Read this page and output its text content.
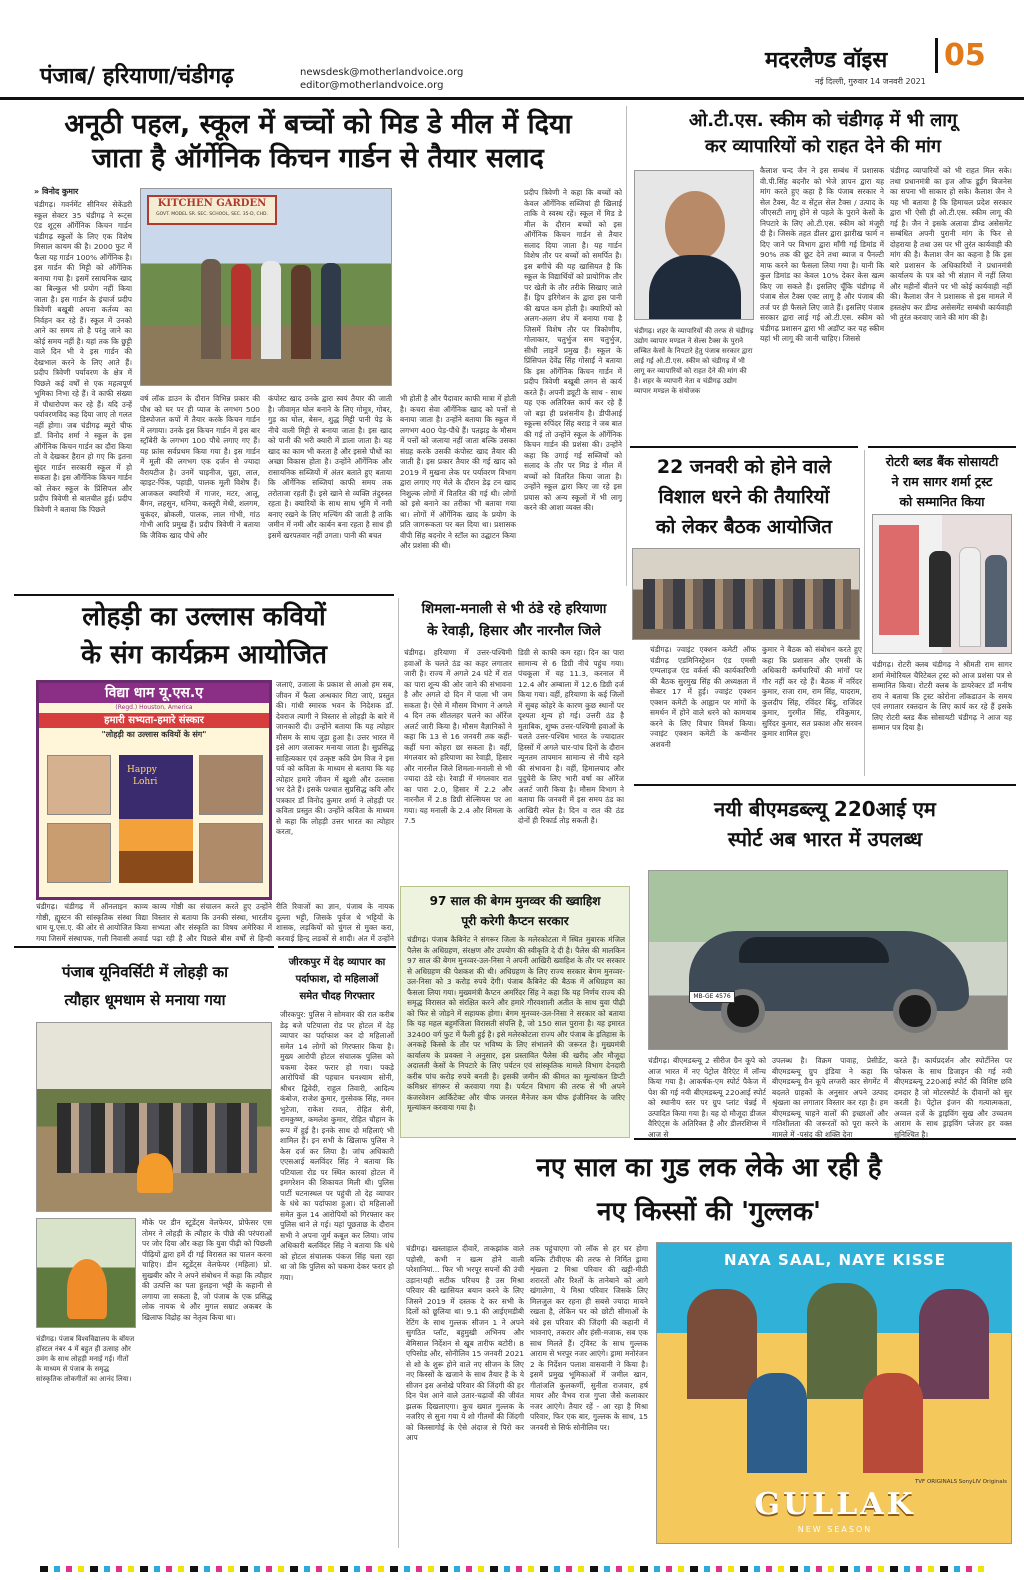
पंजाब/ हरियाणा/चंडीगढ़	newsdesk@motherlandvoice.org
editor@motherlandvoice.org
मदरलैण्ड वॉइस	05
नई दिल्ली, गुरुवार 14 जनवरी 2021
अनूठी पहल, स्कूल में बच्चों को मिड डे मील में दिया
जाता है ऑर्गेनिक किचन गार्डन से तैयार सलाद
» विनोद कुमार
चंडीगढ़। गवर्नमेंट सीनियर सेकेंडरी स्कूल सेक्टर 35 चंडीगढ़ ने रूट्स एंड शूट्स ऑर्गेनिक किचन गार्डन चंडीगढ़ स्कूलों के लिए एक विशेष मिसाल कायम की है। 2000 फुट में फैला यह गार्डन 100% ऑर्गेनिक है। इस गार्डन की मिट्टी को ऑर्गेनिक बनाया गया है। इसमें रसायनिक खाद का बिल्कुल भी प्रयोग नहीं किया जाता है। इस गार्डन के इंचार्ज प्रदीप त्रिवेणी बखूबी अपना कर्तव्य का निर्वहन कर रहे हैं। स्कूल में उनको आने का समय तो है परंतु जाने का कोई समय नहीं है। यहां तक कि छुट्टी वाले दिन भी वे इस गार्डन की देखभाल करने के लिए आते हैं। प्रदीप त्रिवेणी पर्यावरण के क्षेत्र में पिछले कई वर्षों से एक महत्वपूर्ण भूमिका निभा रहे हैं। वे काफी संख्या में पौधारोपण कर रहे हैं। यदि उन्हें पर्यावरणविद कह दिया जाए तो गलत नहीं होगा। जब चंडीगढ़ ब्यूरो चीफ डॉ. विनोद शर्मा ने स्कूल के इस ऑर्गेनिक किचन गार्डन का दौरा किया तो वे देखकर हैरान हो गए कि इतना सुंदर गार्डन सरकारी स्कूल में हो सकता है। इस ऑर्गेनिक किचन गार्डन को लेकर स्कूल के प्रिंसिपल और प्रदीप त्रिवेणी से बातचीत हुई। प्रदीप त्रिवेणी ने बताया कि पिछले
KITCHEN GARDEN
GOVT. MODEL SR. SEC. SCHOOL, SEC. 35-D, CHD.
वर्ष लॉक डाउन के दौरान विभिन्न प्रकार की पौध को घर पर ही प्याज के लगभग 500 डिस्पोजल कपों में तैयार करके किचन गार्डन में लगाया। उनके इस किचन गार्डन में इस बार स्ट्रॉबेरी के लगभग 100 पौधे लगाए गए हैं। यह फ्रांस सर्वप्रथम किया गया है। इस गार्डन में मूली की लगभग एक दर्जन से ज्यादा वैरायटीज है। उनमें चाइनीज, चुहा, लाल, व्हाइट-पिंक, पहाड़ी, पालक मूली विशेष हैं। आजकल क्यारियों में गाजर, मटर, आलू, बैंगन, लहसुन, धनिया, कस्तूरी मेथी, शलगम, चुकंदर, ब्रोकली, पालक, लाल गोभी, गांठ गोभी आदि प्रमुख हैं। प्रदीप त्रिवेणी ने बताया कि जैविक खाद पौधे और
कंपोस्ट खाद उनके द्वारा स्वयं तैयार की जाती है। जीवामृत घोल बनाने के लिए गोमूत्र, गोबर, गुड़ का घोल, बेसन, शुद्ध मिट्टी पानी पेड़ के नीचे वाली मिट्टी से बनाया जाता है। इस खाद को पानी की भरी क्यारी में डाला जाता है। यह खाद का काम भी करता है और इससे पौधों का अच्छा विकास होता है। उन्होंने ऑर्गेनिक और रासायनिक सब्जियों में अंतर बताते हुए बताया कि ऑर्गेनिक सब्जियां काफी समय तक तरोताजा रहती हैं। इसे खाने से व्यक्ति तंदुरुस्त रहता है। क्यारियों के साथ साथ भूमि में नमी बनाए रखने के लिए मल्चिंग की जाती है ताकि जमीन में नमी और कार्बन बना रहता है साथ ही इसमें खरपतवार नहीं उगता। पानी की बचत
भी होती है और पैदावार काफी मात्रा में होती है। कचरा सेवा ऑर्गेनिक खाद को पत्तों से बनाया जाता है। उन्होंने बताया कि स्कूल में लगभग 400 पेड़-पौधे हैं। पतझड़ के मौसम में पत्तों को जलाया नहीं जाता बल्कि उसका संग्रह करके उसकी कंपोस्ट खाद तैयार की जाती है। इस प्रकार तैयार की गई खाद को 2019 में मुखना लेक पर पर्यावरण विभाग द्वारा लगाए गए मेले के दौरान डेढ़ टन खाद निशुल्क लोगों में वितरित की गई थी। लोगों को इसे बनाने का तरीका भी बताया गया था। लोगों में ऑर्गेनिक खाद के प्रयोग के प्रति जागरूकता पर बल दिया था। प्रशासक वीपी सिंह बदनोर ने स्टॉल का उद्घाटन किया और प्रशंसा की थी।
प्रदीप त्रिवेणी ने कहा कि बच्चों को केवल ऑर्गेनिक सब्जियां ही खिलाई ताकि वे स्वस्थ रहें। स्कूल में मिड डे मील के दौरान बच्चों को इस ऑर्गेनिक किचन गार्डन से तैयार सलाद दिया जाता है। यह गार्डन विशेष तौर पर बच्चों को समर्पित है। इस बगीचे की यह खासियत है कि स्कूल के विद्यार्थियों को प्रायोगिक तौर पर खेती के तौर तरीके सिखाए जाते हैं। ड्रिप इरिगेशन के द्वारा इस पानी की खपत कम होती है। क्यारियों को अलग-अलग शेप में बनाया गया है जिसमें विशेष तौर पर त्रिकोणीय, गोलाकार, चतुर्भुज सम चतुर्भुज, सीधी लाइनें प्रमुख हैं। स्कूल के प्रिंसिपल देवेंद्र सिंह गोसाईं ने बताया कि इस ऑर्गेनिक किचन गार्डन में प्रदीप त्रिवेणी बखूबी लगन से कार्य करते हैं। अपनी ड्यूटी के साथ - साथ यह एक अतिरिक्त कार्य कर रहे हैं जो बड़ा ही प्रशंसनीय है। डीपीआई स्कूल्स रुपिंदर सिंह बराड़ ने जब बात की गई तो उन्होंने स्कूल के ऑर्गेनिक किचन गार्डन की प्रशंसा की। उन्होंने कहा कि उगाई गई सब्जियों को सलाद के तौर पर मिड डे मील में बच्चों को वितरित किया जाता है। उन्होंने स्कूल द्वारा किए जा रहे इस प्रयास को अन्य स्कूलों में भी लागू करने की आशा व्यक्त की।
ओ.टी.एस. स्कीम को चंडीगढ़ में भी लागू
कर व्यापारियों को राहत देने की मांग
चंडीगढ़। शहर के व्यापारियों की तरफ से चंडीगढ़ उद्योग व्यापार मण्डल ने सेल्स टैक्स के पुराने लम्बित केसों के निपटारे हेतु पंजाब सरकार द्वारा लाई गई ओ.टी.एस. स्कीम को चंडीगढ़ में भी लागू कर व्यापारियों को राहत देने की मांग की है। शहर के व्यापारी नेता व चंडीगढ़ उद्योग व्यापार मण्डल के संयोजक
कैलाश चन्द जैन ने इस सम्बंध में प्रशासक वी.पी.सिंह बदनौर को भेजे ज्ञापन द्वारा यह मांग करते हुए कहा है कि पंजाब सरकार ने सेल टैक्स, वैट व सेंट्रल सेल टैक्स / उत्पाद के जीएसटी लागू होने से पहले के पुराने केसों के निपटारे के लिए ओ.टी.एस. स्कीम को मंजूरी दी है। जिसके तहत डीलर द्वारा झारीख फार्म न दिए जाने पर विभाग द्वारा माँगी गई डिमांड में 90% तक की छूट देने तथा ब्याज व पैनल्टी माफ करने का फैसला लिया गया है। यानी कि कुल डिमांड का केवल 10% देकर केस खत्म किए जा सकते हैं। इसलिए चूँकि चंडीगढ़ में पंजाब सेल टैक्स एक्ट लागू है और पंजाब की तर्ज पर ही फैसले लिए जाते हैं। इसलिए पंजाब सरकार द्वारा लाई गई ओ.टी.एस. स्कीम को चंडीगढ़ प्रशासन द्वारा भी अडॉप्ट कर यह स्कीम यहां भी लागू की जानी चाहिए। जिससे
चंडीगढ़ व्यापारियों को भी राहत मिल सके। तथा प्रधानमंत्री का इज ऑफ डूईंग बिजनेस का सपना भी साकार हो सके। कैलाश जैन ने यह भी बताया है कि हिमाचल प्रदेश सरकार द्वारा भी ऐसी ही ओ.टी.एस. स्कीम लागू की गई है। जैन ने इसके अलावा डीम्ड असेसमेंट सम्बंधित अपनी पुरानी मांग के फिर से दोहराया है तथा उस पर भी तुरंत कार्यवाही की मांग की है। कैलाश जैन का कहना है कि इस बारे प्रशासन के अधिकारियों ने प्रधानमंत्री कार्यालय के पत्र को भी संज्ञान में नहीं लिया और महीनों बीतने पर भी कोई कार्यवाही नहीं की। कैलाश जैन ने प्रशासक से इस मामले में हस्तक्षेप कर डीम्ड असेसमेंट सम्बंधी कार्यवाही भी तुरंत करवाए जाने की मांग की है।
22 जनवरी को होने वाले
विशाल धरने की तैयारियों
को लेकर बैठक आयोजित
चंडीगढ़। ज्वाइंट एक्शन कमेटी ऑफ चंडीगढ़ एडमिनिस्ट्रेशन एंड एमसी एम्पलाइज एंड वर्कर्स की कार्यकारिणी की बैठक सुरमुख सिंह की अध्यक्षता में सेक्टर 17 में हुई। ज्वाइंट एक्शन एक्शन कमेटी के आह्वान पर मांगों के समर्थन में होने वाले धरने को कामयाब करने के लिए विचार विमर्श किया। ज्वाइंट एक्शन कमेटी के कन्वीनर अशवनी
कुमार ने बैठक को संबोधन करते हुए कहा कि प्रशासन और एमसी के अधिकारी कर्मचारियों की मांगों पर गौर नहीं कर रहे हैं। बैठक में नरिंदर कुमार, राजा राम, राम सिंह, यादराम, कुलदीप सिंह, रविंदर बिंदु, राजिंदर कुमार, गुरमीत सिंह, रविकुमार, सुरिंदर कुमार, सत प्रकाश और सरवन कुमार शामिल हुए।
रोटरी ब्लड बैंक सोसायटी
ने राम सागर शर्मा ट्रस्ट
को सम्मानित किया
चंडीगढ़। रोटरी क्लब चंडीगढ़ ने श्रीमती राम सागर शर्मा मेमोरियल चैरिटेबल ट्रस्ट को आज प्रशंसा पत्र से सम्मानित किया। रोटरी क्लब के डायरेक्टर डॉ मनीष राय ने बताया कि ट्रस्ट कोरोना लॉकडाउन के समय एवं लगातार रक्तदान के लिए कार्य कर रहे हैं इसके लिए रोटरी ब्लड बैंक सोसायटी चंडीगढ़ ने आज यह सम्मान पत्र दिया है।
लोहड़ी का उल्लास कवियों
के संग कार्यक्रम आयोजित
विद्या धाम यू.एस.ए
(Regd.) Houston, America
हमारी सभ्यता-हमारे संस्कार
"लोहड़ी का उल्लास कवियों के संग"
Happy
Lohri
जलाएं, उजाला के प्रकाश से आओ हम सब, जीवन में फैला अन्धकार मिटा जाएं, प्रस्तुत की। गांधी स्मारक भवन के निदेशक डॉ. देवराज त्यागी ने विस्तार से लोहड़ी के बारे में जानकारी दी। उन्होंने बताया कि यह त्योहार मौसम के साथ जुड़ा हुआ है। उत्तर भारत में इसे आग जलाकर मनाया जाता है। सुप्रसिद्ध साहित्यकार एवं उत्कृष्ट कवि प्रेम विज ने इस पर्व को कविता के माध्यम से बताया कि यह त्योहार हमारे जीवन में खुशी और उल्लास भर देते हैं। इसके पश्चात सुप्रसिद्ध कवि और पत्रकार डॉ विनोद कुमार शर्मा ने लोहड़ी पर कविता प्रस्तुत की। उन्होंने कविता के माध्यम से कहा कि लोहड़ी उत्तर भारत का त्योहार करता,
चंडीगढ़। चंडीगढ़ में ऑनलाइन काव्य गोष्ठी, ह्यूस्टन की सांस्कृतिक संस्था विद्या धाम यू.एस.ए. की ओर से आयोजित किया गया जिसमें संस्थापक, गली निवासी अवार्ड
काव्य गोष्ठी का संचालन करते हुए उन्होंने विस्तार से बताया कि उनकी संस्था, भारतीय सभ्यता और संस्कृति का विषय अमेरिका में पढ़ा रही है और पिछले बीस वर्षों से हिन्दी
रीति रिवाजों का ज्ञान, पंजाब के नायक दुल्ला भट्टी, जिसके पूर्वज थे भट्टियों के शासक, लड़कियों को चुंगल से मुक्त करा, करवाई हिन्दू लड़कों से शादी। अंत में उन्होंने
शिमला-मनाली से भी ठंडे रहे हरियाणा
के रेवाड़ी, हिसार और नारनौल जिले
चंडीगढ़। हरियाणा में उत्तर-पश्चिमी हवाओं के चलते ठंड का कहर लगातार जारी है। राज्य में अगले 24 घंटे में रात का पारा शून्य की ओर जाने की संभावना है और अगले दो दिन में पाला भी जम सकता है। ऐसे में मौसम विभाग ने अगले 4 दिन तक शीतलहर चलने का ऑरेंज अलर्ट जारी किया है। मौसम वैज्ञानिकों ने कहा कि 13 से 16 जनवरी तक कहीं-कहीं घना कोहरा छा सकता है। वहीं, मंगलवार को हरियाणा का रेवाड़ी, हिसार और नारनौल जिले शिमला-मनाली से भी ज्यादा ठंडे रहे। रेवाड़ी में मंगलवार रात का पारा 2.0, हिसार में 2.2 और नारनौल में 2.8 डिग्री सेल्सियस पर आ गया। यह मनाली के 2.4 और शिमला के 7.5
डिग्री से काफी कम रहा। दिन का पारा सामान्य से 6 डिग्री नीचे पहुंच गया। पंचकूला में यह 11.3, करनाल में 12.4 और अम्बाला में 12.6 डिग्री दर्ज किया गया। वहीं, हरियाणा के कई जिलों में सुबह कोहरे के कारण कुछ स्थानों पर दृश्यता शून्य हो गई। उत्तरी ठंड है मुताबिक, शुष्क उत्तर-पश्चिमी हवाओं के चलते उत्तर-पश्चिम भारत के ज्यादातर हिस्सों में अगले चार-पांच दिनों के दौरान न्यूनतम तापमान सामान्य से नीचे रहने की संभावना है। वहीं, हिमालयाद और पुदुचेरी के लिए भारी वर्षा का ऑरेंज अलर्ट जारी किया है। मौसम विभाग ने बताया कि जनवरी में इस समय ठंड का आखिरी स्पेल है। दिन व रात की ठंड दोनों ही रिकार्ड तोड़ सकती है।	नयी बीएमडब्ल्यू 220आई एम
स्पोर्ट अब भारत में उपलब्ध
MB-GE 4576
चंडीगढ़। बीएमडब्ल्यू 2 सीरीज ग्रैन कूपे को आज भारत में नए पेट्रोल वैरिएंट में लॉन्च किया गया है। आकर्षक-एम स्पोर्ट पैकेज में पेश की गई नयी बीएमडब्ल्यू 220आई स्पोर्ट को स्थानीय स्तर पर ग्रुप प्लांट चेन्नई में उत्पादित किया गया है। यह दो मौजूदा डीजल वैरिएंट्स के अतिरिक्त है और डीलरशिप्स में आज से
उपलब्ध है। विक्रम पावाह, प्रेसीडेंट, बीएमडब्ल्यू ग्रुप इंडिया ने कहा कि बीएमडब्ल्यू ग्रैन कूपे लग्जरी कार सेगमेंट में बदलते ग्राहकों के अनुसार अपने उत्पाद श्रृंखला का लगातार विस्तार कर रहा है। हम बीएमडब्ल्यू चाहने वालों की इच्छाओं और गतिशीलता की जरूरतों को पूरा करने के मामले में -पसंद की शक्ति देना
करते हैं। कार्यप्रदर्शन और स्पोर्टीनेस पर फोकस के साथ डिजाइन की गई नयी बीएमडब्ल्यू 220आई स्पोर्ट की विशिष्ट छवि दमदार है जो मोटरस्पोर्ट के दीवानों को सुर करती है। पेट्रोल इंजन की गत्यात्मकता, अव्वल दर्जे के ड्राइविंग सुख और उच्चतम आराम के साथ ड्राइविंग प्लेजर हर वक्त सुनिश्चित है।
97 साल की बेगम मुनव्वर की ख्वाहिश
पूरी करेगी कैप्टन सरकार
चंडीगढ़। पंजाब कैबिनेट ने संगरूर जिला के मलेरकोटला में स्थित मुबारक मंजिल पैलेस के अधिग्रहण, संरक्षण और उपयोग की स्वीकृति दे दी है। पैलेस की मालकिन 97 साल की बेगम मुनव्वर-उल-निसा ने अपनी आखिरी ख्वाहिश के तौर पर सरकार से अधिग्रहण की पेशकश की थी। अधिग्रहण के लिए राज्य सरकार बेगम मुनव्वर-उल-निसा को 3 करोड़ रुपये देगी। पंजाब कैबिनेट की बैठक में अधिग्रहण का फैसला लिया गया। मुख्यमंत्री कैप्टन अमरिंदर सिंह ने कहा कि यह निर्णय राज्य की समृद्ध विरासत को संरक्षित करने और हमारे गौरवशाली अतीत के साथ युवा पीढ़ी को फिर से जोड़ने में सहायक होगा। बेगम मुनव्वर-उल-निसा ने सरकार को बताया कि यह महल बहुमंजिला विरासती संपत्ति है, जो 150 साल पुराना है। यह इमारत 32400 वर्ग फुट में फैली हुई है। इसे मलेरकोटला राज्य और पंजाब के इतिहास के अनकहे किस्से के तौर पर भविष्य के लिए संभालने की जरूरत है। मुख्यमंत्री कार्यालय के प्रवक्ता ने अनुसार, इस प्रस्तावित पैलेस की खरीद और मौजूदा अदालती केसों के निपटारे के लिए पर्यटन एवं सांस्कृतिक मामले विभाग देनदारी करीब पांच करोड़ रुपये बनती है। इसकी जमीन की कीमत का मूल्यांकन डिप्टी कमिश्नर संगरूर से करवाया गया है। पर्यटन विभाग की तरफ से भी अपने कंजरवेशन आर्किटेक्ट और चीफ जनरल मैनेजर कम चीफ इंजीनियर के जरिए मूल्यांकन करवाया गया है।
पंजाब यूनिवर्सिटी में लोहड़ी का
त्यौहार धूमधाम से मनाया गया
चंडीगढ़। पंजाब विश्वविद्यालय के बॉयज हॉस्टल नंबर 4 में बहुत ही उत्साह और उमंग के साथ लोहड़ी मनाई गई। गीतों के माध्यम से पंजाब के समृद्ध सांस्कृतिक लोकगीतों का आनंद लिया।
मौके पर डीन स्टूडेंट्स वेलफेयर, प्रोफेसर एस तोमर ने लोहड़ी के त्यौहार के पीछे की परंपराओं पर जोर दिया और कहा कि युवा पीढ़ी को पिछली पीढ़ियों द्वारा हमें दी गई विरासत का पालन करना चाहिए। डीन स्टूडेंट्स वेलफेयर (महिला) प्रो. सुखबीर कौर ने अपने संबोधन में कहा कि त्यौहार की उत्पत्ति का पता हुलड़ना भट्टी के कहानी से लगाया जा सकता है, जो पंजाब के एक प्रसिद्ध लोक नायक थे और मुगल सम्राट अकबर के खिलाफ विद्रोह का नेतृत्व किया था।
जीरकपुर में देह व्यापार का
पर्दाफाश, दो महिलाओं
समेत चौदह गिरफ्तार
जीरकपुर: पुलिस ने सोमवार की रात करीब डेढ़ बजे पटियाला रोड पर होटल में देह व्यापार का पर्दाफाश कर दो महिलाओं समेत 14 लोगों को गिरफ्तार किया है। मुख्य आरोपी होटल संचालक पुलिस को चकमा देकर फरार हो गया। पकड़े आरोपियों की पहचान घनश्याम सोनी, श्रीधर द्विवेदी, राहुल तिवारी, आदित्य कंबोज, राजेश कुमार, गुरसेवक सिंह, नमन भुटेजा, राकेश रावत, रोहित सेनी, रामकुष्ण, कमलेश कुमार, रोहित चौहान के रूप में हुई है। इनके साथ दो महिलाएं भी शामिल हैं। इन सभी के खिलाफ पुलिस ने केस दर्ज कर लिया है। जांच अधिकारी एएसआई बलविंदर सिंह ने बताया कि पटियाला रोड पर स्थित कारवां होटल में इमगरेशन की शिकायत मिली थी। पुलिस पार्टी घटनास्थल पर पहुंची तो देह व्यापार के धंधे का पर्दाफाश हुआ। दो महिलाओं समेत कुल 14 आरोपियों को गिरफ्तार कर पुलिस थाने ले गई। यहां पूछताछ के दौरान सभी ने अपना जुर्म कबूल कर लिया। जांच अधिकारी बलविंदर सिंह ने बताया कि धंधे को होटल संचालक पंकज सिंह चला रहा था जो कि पुलिस को चकमा देकर फरार हो गया।
नए साल का गुड लक लेके आ रही है
नए किस्सों की 'गुल्लक'
चंडीगढ़। खस्ताहाल दीवारें, ताकझांक वाले पड़ोसी, कभी न खत्म होने वाली परेशानियां... फिर भी भरपूर सपनों की उंची उड़ान!यही सटीक परिचय है उस मिश्रा परिवार की खासियत बयान करने के लिए जिसने 2019 में दस्तक दे कर सभी के दिलों को छूलिया था। 9.1 की आईएमडीबी रेटिंग के साथ गुल्लक सीजन 1 ने अपने सुगठित प्लॉट, बहुमुखी अभिनय और बेमिसाल निर्देशन से खूब तारीफ बटोरी। 8 एपिसोड और, सोनीलिव 15 जनवरी 2021 से शो के शुरू होने वाले नए सीजन के लिए नए किस्सों के खजाने के साथ तैयार है के ये सीजन इस अनोखे परिवार की जिंदगी की हर दिन पेश आने वाले उतार-चढ़ावों की जीवंत झलक दिखलाएगा। कुच ख्यात गुल्लक के नजरिए से सुना गया ये शो गीतमों की जिंदगी को किस्सागोई के ऐसे अंदाज से पिरो कर आप
तक पहुंचाएगा जो लॉक से हर घर होगा बल्कि टीवीएफ की तरफ से निर्मित ड्रामा शृंखला 2 मिश्रा परिवार की खट्टी-मीठी शरारतों और रिश्तों के तानेबाने को आगे खंगालेगा, ये मिश्रा परिवार जिसके लिए मिलजुल कर रहना ही सबसे ज्यादा मायने रखता है, लेकिन घर को छोटी सीमाओं के बंधे इस परिवार की जिंदगी की कहानी में भावनाएं, तकरार और हंसी-मजाक, सब एक साथ मिलते हैं। ट्विस्ट के साथ गुल्लक आराम से भरपूर नजर आएंगे। ड्रामा मनोरंजन 2 के निर्देशन पलाश वासवानी ने किया है। इसमें प्रमुख भूमिकाओं में जमील खान, गीतांजलि कुलकर्णी, सुनीता राजवार, हर्ष मायर और वैभव राज गुप्ता जैसे कलाकार नजर आएंगे। तैयार रहें - आ रहा है मिश्रा परिवार, फिर एक बार, गुल्लक के साथ, 15 जनवरी से सिर्फ सोनीलिव पर।
NAYA SAAL, NAYE KISSE
TVF ORIGINALS SonyLIV Originals
GULLAK
NEW SEASON
